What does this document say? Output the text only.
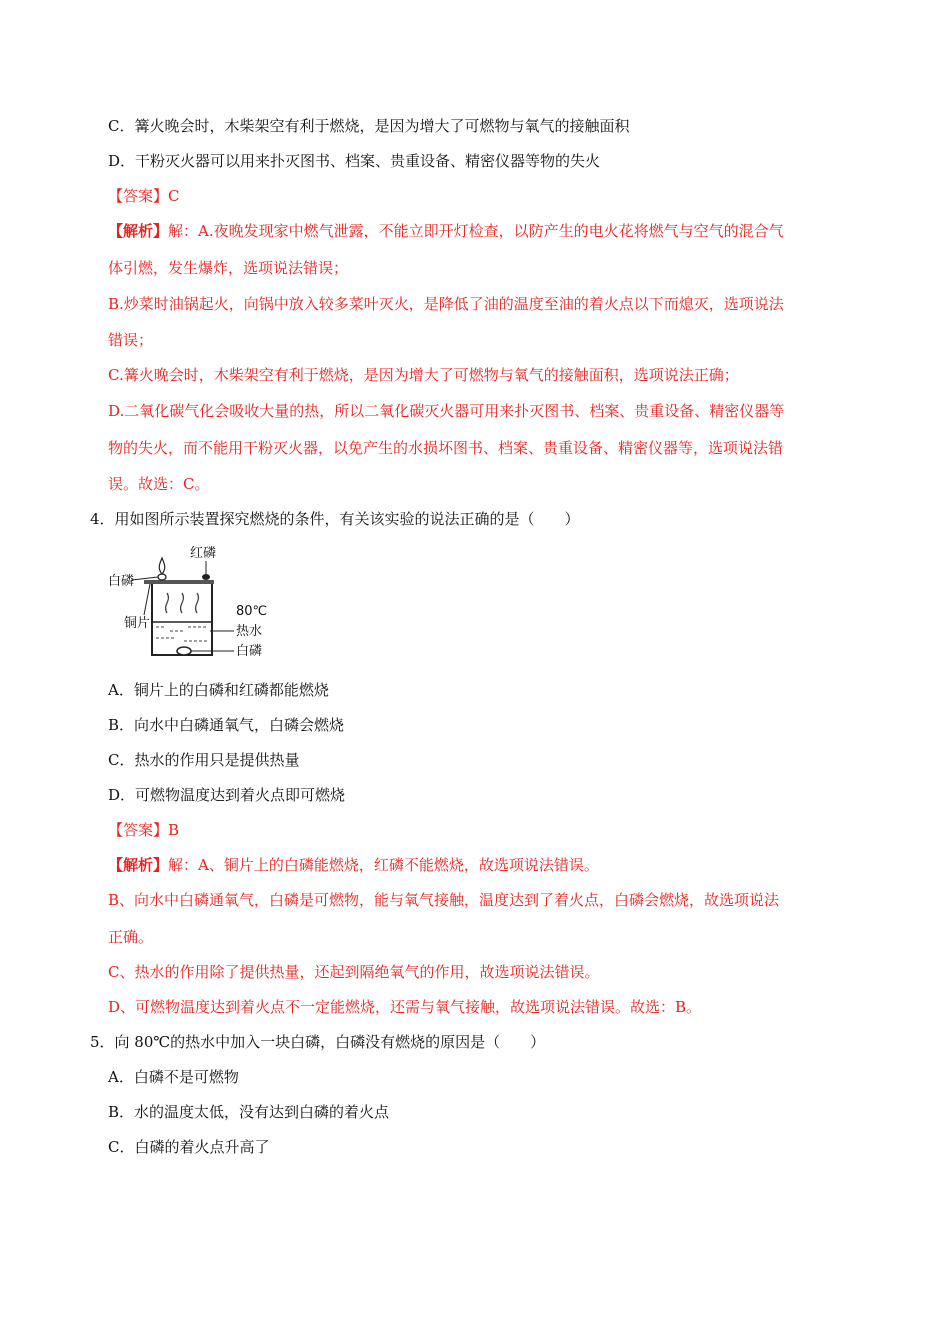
C．篝火晚会时，木柴架空有利于燃烧，是因为增大了可燃物与氧气的接触面积
D．干粉灭火器可以用来扑灭图书、档案、贵重设备、精密仪器等物的失火
【答案】C
【解析】解：A.夜晚发现家中燃气泄露，不能立即开灯检查，以防产生的电火花将燃气与空气的混合气
体引燃，发生爆炸，选项说法错误；
B.炒菜时油锅起火，向锅中放入较多菜叶灭火，是降低了油的温度至油的着火点以下而熄灭，选项说法
错误；
C.篝火晚会时，木柴架空有利于燃烧，是因为增大了可燃物与氧气的接触面积，选项说法正确；
D.二氧化碳气化会吸收大量的热，所以二氧化碳灭火器可用来扑灭图书、档案、贵重设备、精密仪器等
物的失火，而不能用干粉灭火器，以免产生的水损坏图书、档案、贵重设备、精密仪器等，选项说法错
误。故选：C。
4．用如图所示装置探究燃烧的条件，有关该实验的说法正确的是（　　）
红磷
白磷
铜片
80℃
热水
白磷
A．铜片上的白磷和红磷都能燃烧
B．向水中白磷通氧气，白磷会燃烧
C．热水的作用只是提供热量
D．可燃物温度达到着火点即可燃烧
【答案】B
【解析】解：A、铜片上的白磷能燃烧，红磷不能燃烧，故选项说法错误。
B、向水中白磷通氧气，白磷是可燃物，能与氧气接触，温度达到了着火点，白磷会燃烧，故选项说法
正确。
C、热水的作用除了提供热量，还起到隔绝氧气的作用，故选项说法错误。
D、可燃物温度达到着火点不一定能燃烧，还需与氧气接触，故选项说法错误。故选：B。
5．向 80℃的热水中加入一块白磷，白磷没有燃烧的原因是（　　）
A．白磷不是可燃物
B．水的温度太低，没有达到白磷的着火点
C．白磷的着火点升高了
